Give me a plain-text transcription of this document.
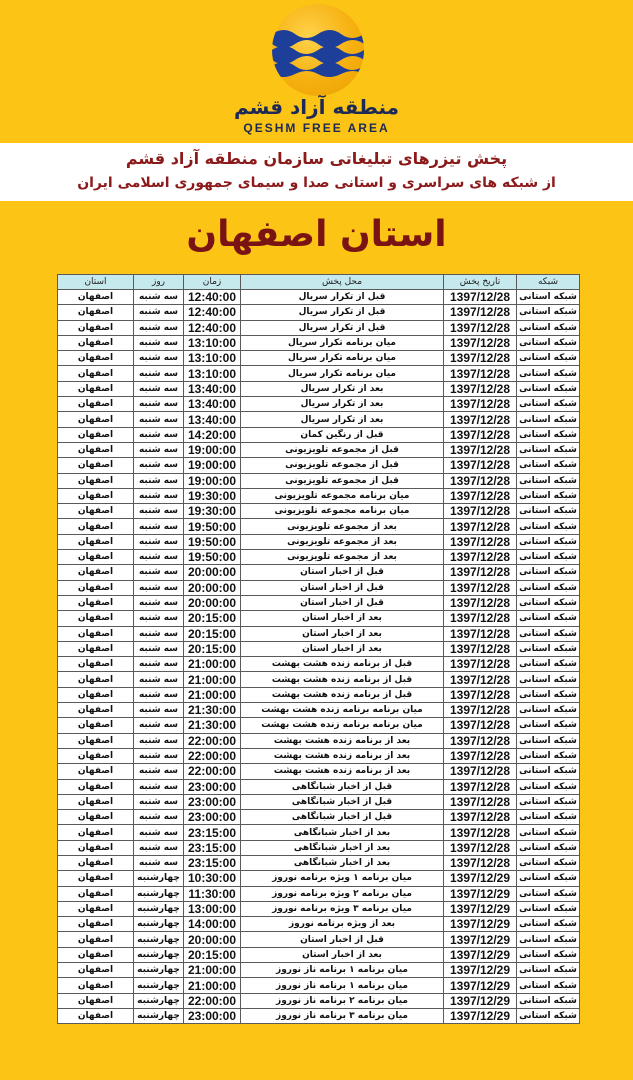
منطقه آزاد قشم
QESHM FREE AREA
پخش تیزرهای تبلیغاتی سازمان منطقه آزاد قشم
از شبکه های سراسری و استانی صدا و سیمای جمهوری اسلامی ایران
استان اصفهان
استان	روز	زمان	محل پخش	تاریخ پخش	شبکه
اصفهان	سه شنبه	12:40:00	قبل از تکرار سریال	1397/12/28	شبکه استانی
اصفهان	سه شنبه	12:40:00	قبل از تکرار سریال	1397/12/28	شبکه استانی
اصفهان	سه شنبه	12:40:00	قبل از تکرار سریال	1397/12/28	شبکه استانی
اصفهان	سه شنبه	13:10:00	میان برنامه تکرار سریال	1397/12/28	شبکه استانی
اصفهان	سه شنبه	13:10:00	میان برنامه تکرار سریال	1397/12/28	شبکه استانی
اصفهان	سه شنبه	13:10:00	میان برنامه تکرار سریال	1397/12/28	شبکه استانی
اصفهان	سه شنبه	13:40:00	بعد از تکرار سریال	1397/12/28	شبکه استانی
اصفهان	سه شنبه	13:40:00	بعد از تکرار سریال	1397/12/28	شبکه استانی
اصفهان	سه شنبه	13:40:00	بعد از تکرار سریال	1397/12/28	شبکه استانی
اصفهان	سه شنبه	14:20:00	قبل از رنگین کمان	1397/12/28	شبکه استانی
اصفهان	سه شنبه	19:00:00	قبل از مجموعه تلویزیونی	1397/12/28	شبکه استانی
اصفهان	سه شنبه	19:00:00	قبل از مجموعه تلویزیونی	1397/12/28	شبکه استانی
اصفهان	سه شنبه	19:00:00	قبل از مجموعه تلویزیونی	1397/12/28	شبکه استانی
اصفهان	سه شنبه	19:30:00	میان برنامه مجموعه تلویزیونی	1397/12/28	شبکه استانی
اصفهان	سه شنبه	19:30:00	میان برنامه مجموعه تلویزیونی	1397/12/28	شبکه استانی
اصفهان	سه شنبه	19:50:00	بعد از مجموعه تلویزیونی	1397/12/28	شبکه استانی
اصفهان	سه شنبه	19:50:00	بعد از مجموعه تلویزیونی	1397/12/28	شبکه استانی
اصفهان	سه شنبه	19:50:00	بعد از مجموعه تلویزیونی	1397/12/28	شبکه استانی
اصفهان	سه شنبه	20:00:00	قبل از اخبار استان	1397/12/28	شبکه استانی
اصفهان	سه شنبه	20:00:00	قبل از اخبار استان	1397/12/28	شبکه استانی
اصفهان	سه شنبه	20:00:00	قبل از اخبار استان	1397/12/28	شبکه استانی
اصفهان	سه شنبه	20:15:00	بعد از اخبار استان	1397/12/28	شبکه استانی
اصفهان	سه شنبه	20:15:00	بعد از اخبار استان	1397/12/28	شبکه استانی
اصفهان	سه شنبه	20:15:00	بعد از اخبار استان	1397/12/28	شبکه استانی
اصفهان	سه شنبه	21:00:00	قبل از برنامه زنده هشت بهشت	1397/12/28	شبکه استانی
اصفهان	سه شنبه	21:00:00	قبل از برنامه زنده هشت بهشت	1397/12/28	شبکه استانی
اصفهان	سه شنبه	21:00:00	قبل از برنامه زنده هشت بهشت	1397/12/28	شبکه استانی
اصفهان	سه شنبه	21:30:00	میان برنامه برنامه زنده هشت بهشت	1397/12/28	شبکه استانی
اصفهان	سه شنبه	21:30:00	میان برنامه برنامه زنده هشت بهشت	1397/12/28	شبکه استانی
اصفهان	سه شنبه	22:00:00	بعد از برنامه زنده هشت بهشت	1397/12/28	شبکه استانی
اصفهان	سه شنبه	22:00:00	بعد از برنامه زنده هشت بهشت	1397/12/28	شبکه استانی
اصفهان	سه شنبه	22:00:00	بعد از برنامه زنده هشت بهشت	1397/12/28	شبکه استانی
اصفهان	سه شنبه	23:00:00	قبل از اخبار شبانگاهی	1397/12/28	شبکه استانی
اصفهان	سه شنبه	23:00:00	قبل از اخبار شبانگاهی	1397/12/28	شبکه استانی
اصفهان	سه شنبه	23:00:00	قبل از اخبار شبانگاهی	1397/12/28	شبکه استانی
اصفهان	سه شنبه	23:15:00	بعد از اخبار شبانگاهی	1397/12/28	شبکه استانی
اصفهان	سه شنبه	23:15:00	بعد از اخبار شبانگاهی	1397/12/28	شبکه استانی
اصفهان	سه شنبه	23:15:00	بعد از اخبار شبانگاهی	1397/12/28	شبکه استانی
اصفهان	چهارشنبه	10:30:00	میان برنامه ۱ ویژه برنامه نوروز	1397/12/29	شبکه استانی
اصفهان	چهارشنبه	11:30:00	میان برنامه ۲ ویژه برنامه نوروز	1397/12/29	شبکه استانی
اصفهان	چهارشنبه	13:00:00	میان برنامه ۳ ویژه برنامه نوروز	1397/12/29	شبکه استانی
اصفهان	چهارشنبه	14:00:00	بعد از ویژه برنامه نوروز	1397/12/29	شبکه استانی
اصفهان	چهارشنبه	20:00:00	قبل از اخبار استان	1397/12/29	شبکه استانی
اصفهان	چهارشنبه	20:15:00	بعد از اخبار استان	1397/12/29	شبکه استانی
اصفهان	چهارشنبه	21:00:00	میان برنامه ۱ برنامه ناز نوروز	1397/12/29	شبکه استانی
اصفهان	چهارشنبه	21:00:00	میان برنامه ۱ برنامه ناز نوروز	1397/12/29	شبکه استانی
اصفهان	چهارشنبه	22:00:00	میان برنامه ۲ برنامه ناز نوروز	1397/12/29	شبکه استانی
اصفهان	چهارشنبه	23:00:00	میان برنامه ۳ برنامه ناز نوروز	1397/12/29	شبکه استانی
